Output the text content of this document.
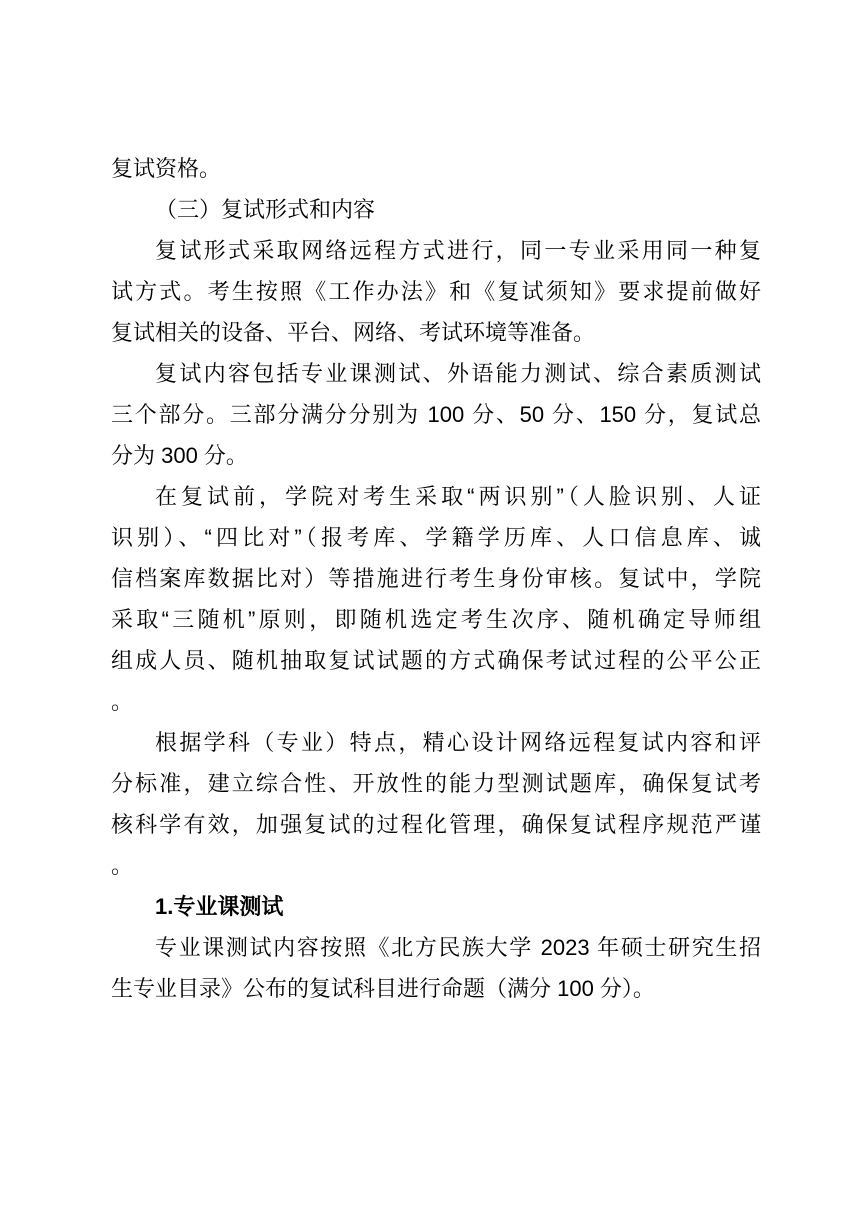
复试资格。
（三）复试形式和内容
复试形式采取网络远程方式进行，同一专业采用同一种复
试方式。考生按照《工作办法》和《复试须知》要求提前做好
复试相关的设备、平台、网络、考试环境等准备。
复试内容包括专业课测试、外语能力测试、综合素质测试
三个部分。三部分满分分别为 100 分、50 分、150 分，复试总
分为 300 分。
在复试前，学院对考生采取“两识别”（人脸识别、人证
识别）、“四比对”（报考库、学籍学历库、人口信息库、诚
信档案库数据比对）等措施进行考生身份审核。复试中，学院
采取“三随机”原则，即随机选定考生次序、随机确定导师组
组成人员、随机抽取复试试题的方式确保考试过程的公平公正
。
根据学科（专业）特点，精心设计网络远程复试内容和评
分标准，建立综合性、开放性的能力型测试题库，确保复试考
核科学有效，加强复试的过程化管理，确保复试程序规范严谨
。
1.专业课测试
专业课测试内容按照《北方民族大学 2023 年硕士研究生招
生专业目录》公布的复试科目进行命题（满分 100 分）。
